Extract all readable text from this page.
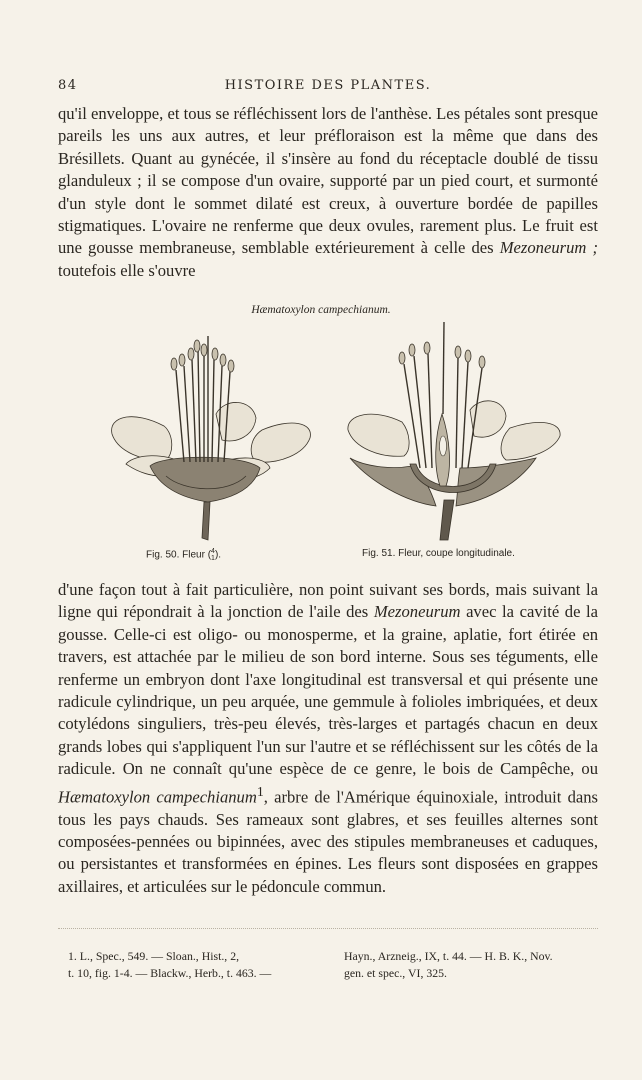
84	HISTOIRE DES PLANTES.

qu'il enveloppe, et tous se réfléchissent lors de l'anthèse. Les pétales sont presque pareils les uns aux autres, et leur préfloraison est la même que dans des Brésillets. Quant au gynécée, il s'insère au fond du réceptacle doublé de tissu glanduleux ; il se compose d'un ovaire, supporté par un pied court, et surmonté d'un style dont le sommet dilaté est creux, à ouverture bordée de papilles stigmatiques. L'ovaire ne renferme que deux ovules, rarement plus. Le fruit est une gousse membraneuse, semblable extérieurement à celle des Mezoneurum ; toutefois elle s'ouvre

Hæmatoxylon campechianum.
Fig. 50. Fleur ( 4
1 ).	Fig. 51. Fleur, coupe longitudinale.

d'une façon tout à fait particulière, non point suivant ses bords, mais suivant la ligne qui répondrait à la jonction de l'aile des Mezoneurum avec la cavité de la gousse. Celle-ci est oligo- ou monosperme, et la graine, aplatie, fort étirée en travers, est attachée par le milieu de son bord interne. Sous ses téguments, elle renferme un embryon dont l'axe longitudinal est transversal et qui présente une radicule cylindrique, un peu arquée, une gemmule à folioles imbriquées, et deux cotylédons singuliers, très-peu élevés, très-larges et partagés chacun en deux grands lobes qui s'appliquent l'un sur l'autre et se réfléchissent sur les côtés de la radicule. On ne connaît qu'une espèce de ce genre, le bois de Campêche, ou Hæmatoxylon campechianum$^1$, arbre de l'Amérique équinoxiale, introduit dans tous les pays chauds. Ses rameaux sont glabres, et ses feuilles alternes sont composées-pennées ou bipinnées, avec des stipules membraneuses et caduques, ou persistantes et transformées en épines. Les fleurs sont disposées en grappes axillaires, et articulées sur le pédoncule commun.

1. L., Spec., 549. — Sloan., Hist., 2,
t. 10, fig. 1-4. — Blackw., Herb., t. 463. —
Hayn., Arzneig., IX, t. 44. — H. B. K., Nov.
gen. et spec., VI, 325.
